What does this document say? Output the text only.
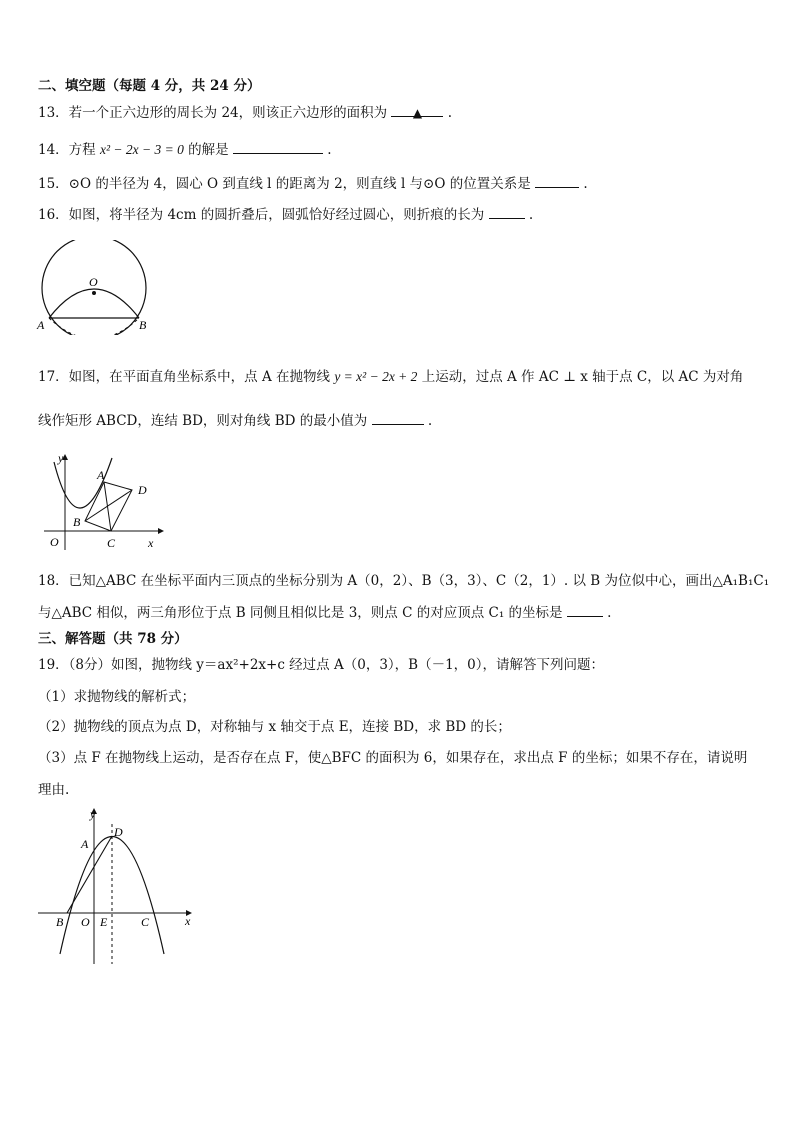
二、填空题（每题 4 分，共 24 分）
13．若一个正六边形的周长为 24，则该正六边形的面积为 ▲ .
14．方程 x² − 2x − 3 = 0 的解是	.
15．⊙O 的半径为 4，圆心 O 到直线 l 的距离为 2，则直线 l 与⊙O 的位置关系是	.
16．如图，将半径为 4cm 的圆折叠后，圆弧恰好经过圆心，则折痕的长为	.
O
A	B
17．如图，在平面直角坐标系中，点 A 在抛物线 y = x² − 2x + 2 上运动，过点 A 作 AC ⊥ x 轴于点 C，以 AC 为对角
线作矩形 ABCD，连结 BD，则对角线 BD 的最小值为	.
y
x
O
A
B
C
D
18．已知△ABC 在坐标平面内三顶点的坐标分别为 A（0，2）、B（3，3）、C（2，1）. 以 B 为位似中心，画出△A₁B₁C₁
与△ABC 相似，两三角形位于点 B 同侧且相似比是 3，则点 C 的对应顶点 C₁ 的坐标是	.
三、解答题（共 78 分）
19．（8分）如图，抛物线 y＝ax²+2x+c 经过点 A（0，3），B（－1，0），请解答下列问题：
（1）求抛物线的解析式；
（2）抛物线的顶点为点 D，对称轴与 x 轴交于点 E，连接 BD，求 BD 的长；
（3）点 F 在抛物线上运动，是否存在点 F，使△BFC 的面积为 6，如果存在，求出点 F 的坐标；如果不存在，请说明
理由.
y
x
D
A
B O E	C
